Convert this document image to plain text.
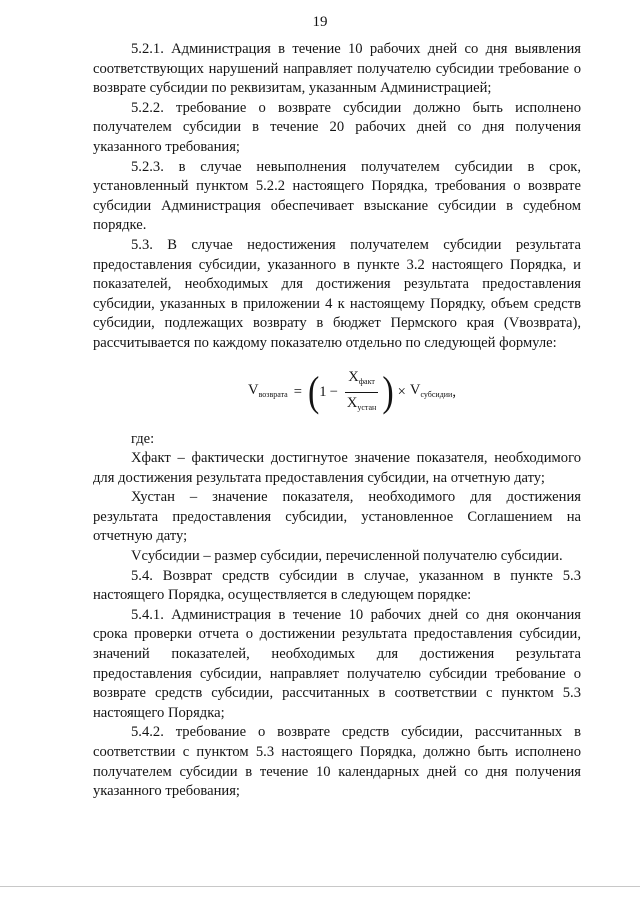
19

5.2.1. Администрация в течение 10 рабочих дней со дня выявления соответствующих нарушений направляет получателю субсидии требование о возврате субсидии по реквизитам, указанным Администрацией;

5.2.2. требование о возврате субсидии должно быть исполнено получателем субсидии в течение 20 рабочих дней со дня получения указанного требования;

5.2.3. в случае невыполнения получателем субсидии в срок, установленный пунктом 5.2.2 настоящего Порядка, требования о возврате субсидии Администрация обеспечивает взыскание субсидии в судебном порядке.

5.3. В случае недостижения получателем субсидии результата предоставления субсидии, указанного в пункте 3.2 настоящего Порядка, и показателей, необходимых для достижения результата предоставления субсидии, указанных в приложении 4 к настоящему Порядку, объем средств субсидии, подлежащих возврату в бюджет Пермского края (Vвозврата), рассчитывается по каждому показателю отдельно по следующей формуле:

$V_{возврата}$ = ( $1 - \frac{X_{факт}}{X_{устан}}$ ) × $V_{субсидии}$ ,

где:

Хфакт – фактически достигнутое значение показателя, необходимого для достижения результата предоставления субсидии, на отчетную дату;

Хустан – значение показателя, необходимого для достижения результата предоставления субсидии, установленное Соглашением на отчетную дату;

Vсубсидии – размер субсидии, перечисленной получателю субсидии.

5.4. Возврат средств субсидии в случае, указанном в пункте 5.3 настоящего Порядка, осуществляется в следующем порядке:

5.4.1. Администрация в течение 10 рабочих дней со дня окончания срока проверки отчета о достижении результата предоставления субсидии, значений показателей, необходимых для достижения результата предоставления субсидии, направляет получателю субсидии требование о возврате средств субсидии, рассчитанных в соответствии с пунктом 5.3 настоящего Порядка;

5.4.2. требование о возврате средств субсидии, рассчитанных в соответствии с пунктом 5.3 настоящего Порядка, должно быть исполнено получателем субсидии в течение 10 календарных дней со дня получения указанного требования;
